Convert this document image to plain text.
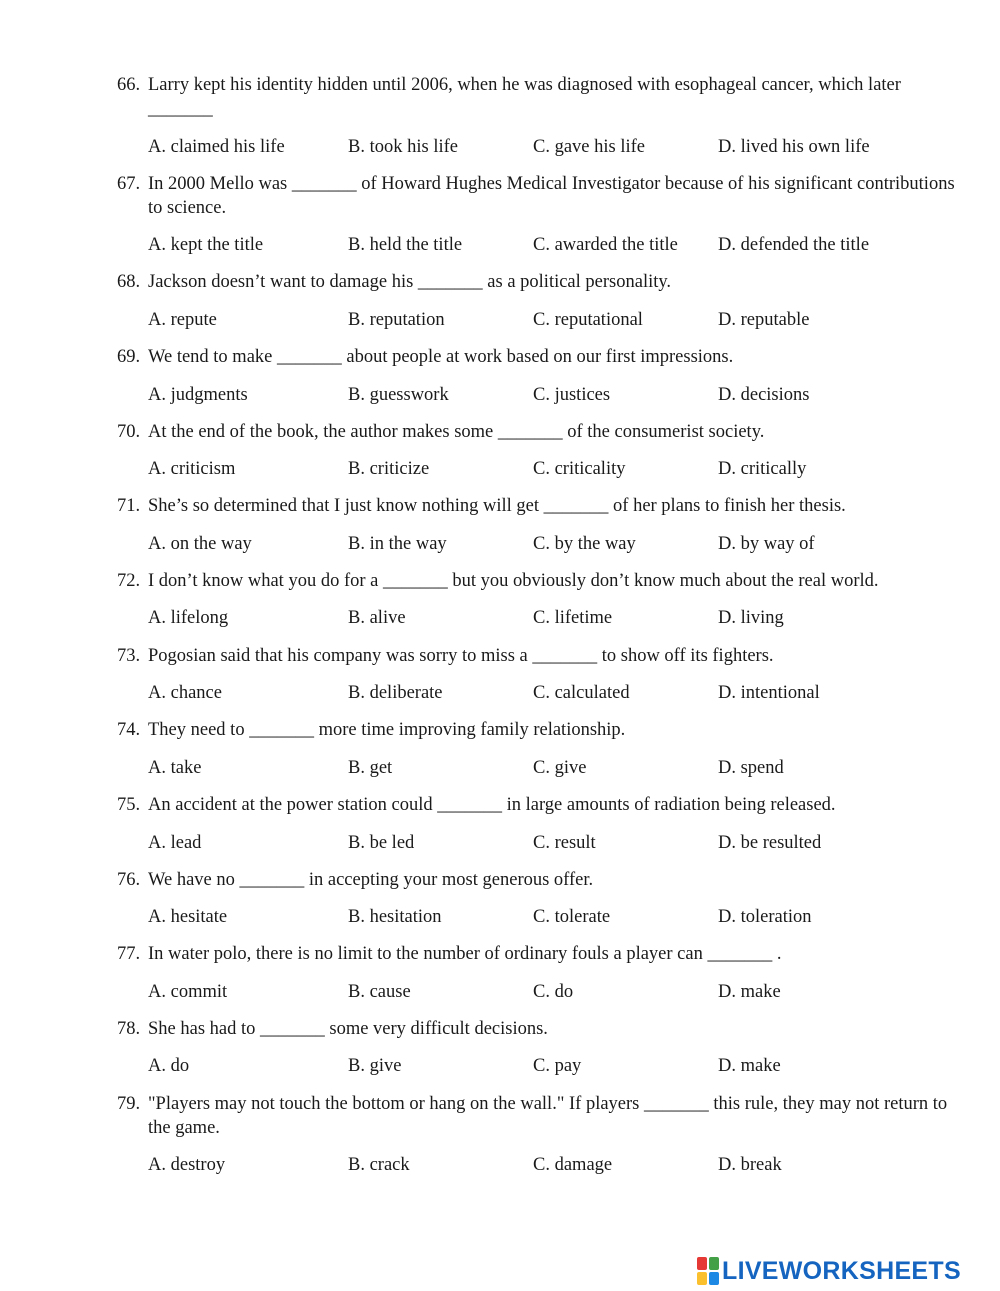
66. Larry kept his identity hidden until 2006, when he was diagnosed with esophageal cancer, which later _______
A. claimed his life	B. took his life	C. gave his life	D. lived his own life
67. In 2000 Mello was _______ of Howard Hughes Medical Investigator because of his significant contributions to science.
A. kept the title	B. held the title	C. awarded the title D. defended the title
68. Jackson doesn’t want to damage his _______ as a political personality.
A. repute	B. reputation	C. reputational	D. reputable
69. We tend to make _______ about people at work based on our first impressions.
A. judgments	B. guesswork	C. justices	D. decisions
70. At the end of the book, the author makes some _______ of the consumerist society.
A. criticism	B. criticize	C. criticality	D. critically
71. She’s so determined that I just know nothing will get _______ of her plans to finish her thesis.
A. on the way	B. in the way	C. by the way	D. by way of
72. I don’t know what you do for a _______ but you obviously don’t know much about the real world.
A. lifelong	B. alive	C. lifetime	D. living
73. Pogosian said that his company was sorry to miss a _______ to show off its fighters.
A. chance	B. deliberate	C. calculated	D. intentional
74. They need to _______ more time improving family relationship.
A. take	B. get	C. give	D. spend
75. An accident at the power station could _______ in large amounts of radiation being released.
A. lead	B. be led	C. result	D. be resulted
76. We have no _______ in accepting your most generous offer.
A. hesitate	B. hesitation	C. tolerate	D. toleration
77. In water polo, there is no limit to the number of ordinary fouls a player can _______ .
A. commit	B. cause	C. do	D. make
78. She has had to _______ some very difficult decisions.
A. do	B. give	C. pay	D. make
79. "Players may not touch the bottom or hang on the wall." If players _______ this rule, they may not return to the game.
A. destroy	B. crack	C. damage	D. break
LIVEWORKSHEETS
